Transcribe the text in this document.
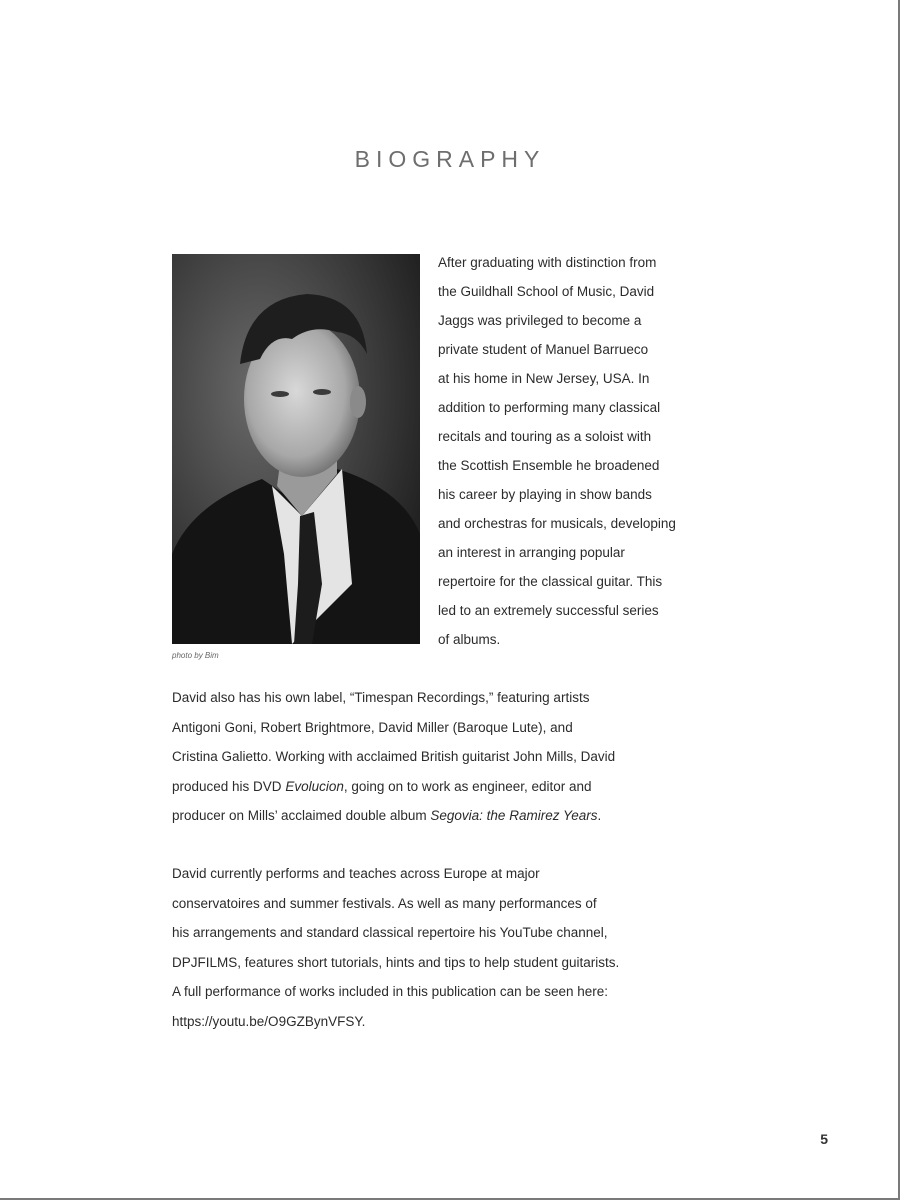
BIOGRAPHY
photo by Bim
After graduating with distinction from
the Guildhall School of Music, David
Jaggs was privileged to become a
private student of Manuel Barrueco
at his home in New Jersey, USA. In
addition to performing many classical
recitals and touring as a soloist with
the Scottish Ensemble he broadened
his career by playing in show bands
and orchestras for musicals, developing
an interest in arranging popular
repertoire for the classical guitar. This
led to an extremely successful series
of albums.
David also has his own label, “Timespan Recordings,” featuring artists
Antigoni Goni, Robert Brightmore, David Miller (Baroque Lute), and
Cristina Galietto. Working with acclaimed British guitarist John Mills, David
produced his DVD Evolucion, going on to work as engineer, editor and
producer on Mills’ acclaimed double album Segovia: the Ramirez Years.
David currently performs and teaches across Europe at major
conservatoires and summer festivals. As well as many performances of
his arrangements and standard classical repertoire his YouTube channel,
DPJFILMS, features short tutorials, hints and tips to help student guitarists.
A full performance of works included in this publication can be seen here:
https://youtu.be/O9GZBynVFSY.
5
